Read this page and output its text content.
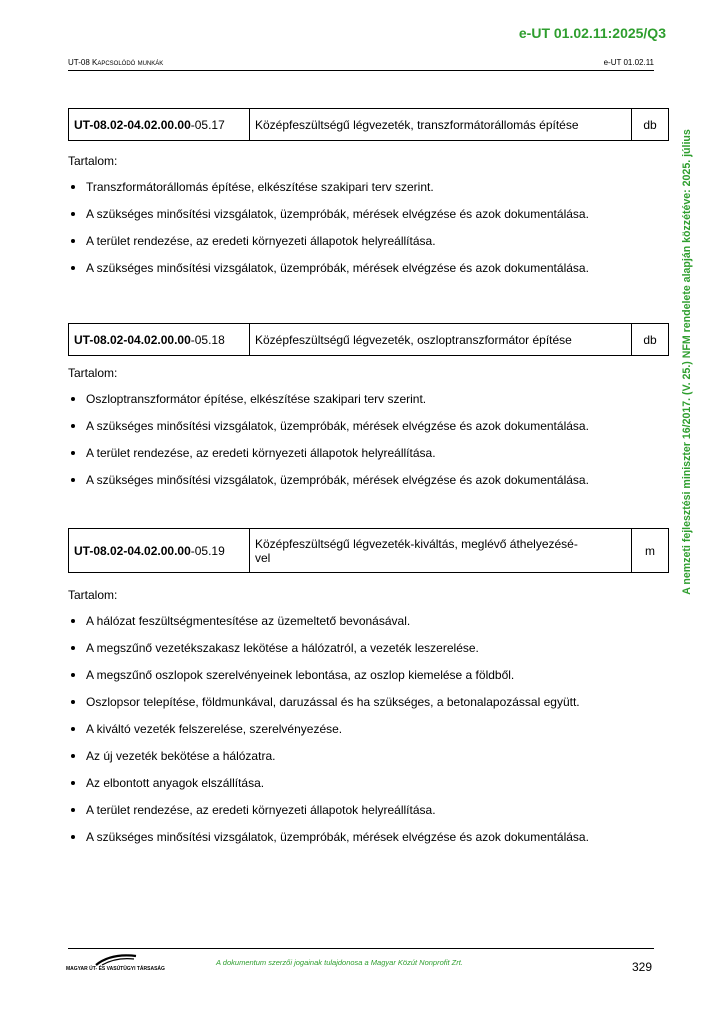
e-UT 01.02.11:2025/Q3
UT-08 Kapcsolódó munkák	e-UT 01.02.11
A nemzeti fejlesztési miniszter 16/2017. (V. 25.) NFM rendelete alapján közzétéve: 2025. július
UT-08.02-04.02.00.00-05.17	Középfeszültségű légvezeték, transzformátorállomás építése	db

Tartalom:

Transzformátorállomás építése, elkészítése szakipari terv szerint.
A szükséges minősítési vizsgálatok, üzempróbák, mérések elvégzése és azok dokumentálása.
A terület rendezése, az eredeti környezeti állapotok helyreállítása.
A szükséges minősítési vizsgálatok, üzempróbák, mérések elvégzése és azok dokumentálása.
UT-08.02-04.02.00.00-05.18	Középfeszültségű légvezeték, oszloptranszformátor építése	db

Tartalom:

Oszloptranszformátor építése, elkészítése szakipari terv szerint.
A szükséges minősítési vizsgálatok, üzempróbák, mérések elvégzése és azok dokumentálása.
A terület rendezése, az eredeti környezeti állapotok helyreállítása.
A szükséges minősítési vizsgálatok, üzempróbák, mérések elvégzése és azok dokumentálása.
UT-08.02-04.02.00.00-05.19	Középfeszültségű légvezeték-kiváltás, meglévő áthelyezésé-
vel	m

Tartalom:

A hálózat feszültségmentesítése az üzemeltető bevonásával.
A megszűnő vezetékszakasz lekötése a hálózatról, a vezeték leszerelése.
A megszűnő oszlopok szerelvényeinek lebontása, az oszlop kiemelése a földből.
Oszlopsor telepítése, földmunkával, daruzással és ha szükséges, a betonalapozással együtt.
A kiváltó vezeték felszerelése, szerelvényezése.
Az új vezeték bekötése a hálózatra.
Az elbontott anyagok elszállítása.
A terület rendezése, az eredeti környezeti állapotok helyreállítása.
A szükséges minősítési vizsgálatok, üzempróbák, mérések elvégzése és azok dokumentálása.
MAGYAR ÚT- ÉS VASÚTÜGYI TÁRSASÁG
A dokumentum szerzői jogainak tulajdonosa a Magyar Közút Nonprofit Zrt.	329
